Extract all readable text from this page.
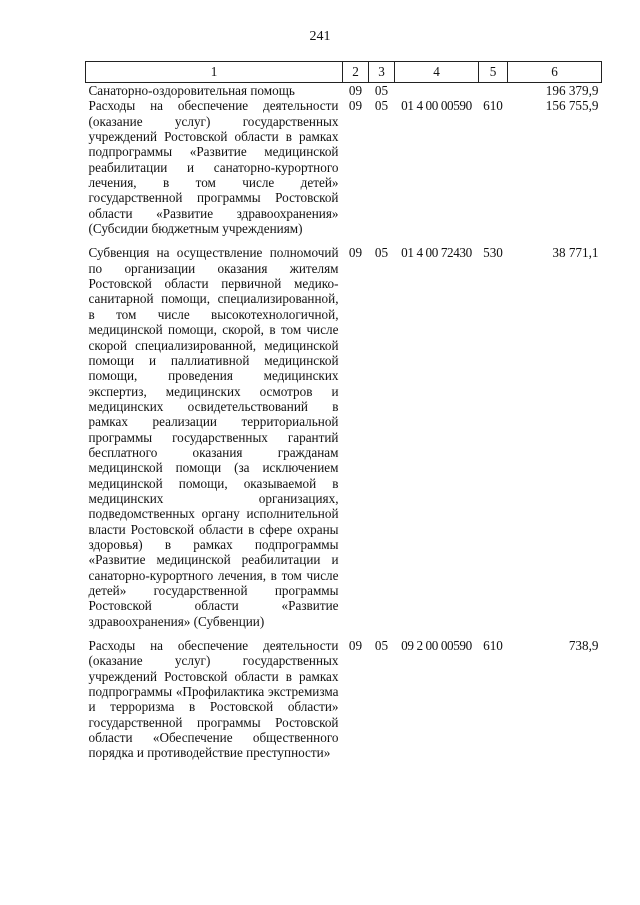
241
1	2	3	4	5	6
Санаторно-оздоровительная помощь	09	05			196 379,9
Расходы на обеспечение деятельности (оказание услуг) государственных учреждений Ростовской области в рамках подпрограммы «Развитие медицинской реабилитации и санаторно-курортного лечения, в том числе детей» государственной программы Ростовской области «Развитие здравоохранения» (Субсидии бюджетным учреждениям)	09	05	01 4 00 00590	610	156 755,9
Субвенция на осуществление полномочий по организации оказания жителям Ростовской области первичной медико-санитарной помощи, специализированной, в том числе высокотехнологичной, медицинской помощи, скорой, в том числе скорой специализированной, медицинской помощи и паллиативной медицинской помощи, проведения медицинских экспертиз, медицинских осмотров и медицинских освидетельствований в рамках реализации территориальной программы государственных гарантий бесплатного оказания гражданам медицинской помощи (за исключением медицинской помощи, оказываемой в медицинских организациях, подведомственных органу исполнительной власти Ростовской области в сфере охраны здоровья) в рамках подпрограммы «Развитие медицинской реабилитации и санаторно-курортного лечения, в том числе детей» государственной программы Ростовской области «Развитие здравоохранения» (Субвенции)	09	05	01 4 00 72430	530	38 771,1
Расходы на обеспечение деятельности (оказание услуг) государственных учреждений Ростовской области в рамках подпрограммы «Профилактика экстремизма и терроризма в Ростовской области» государственной программы Ростовской области «Обеспечение общественного порядка и противодействие преступности»	09	05	09 2 00 00590	610	738,9
